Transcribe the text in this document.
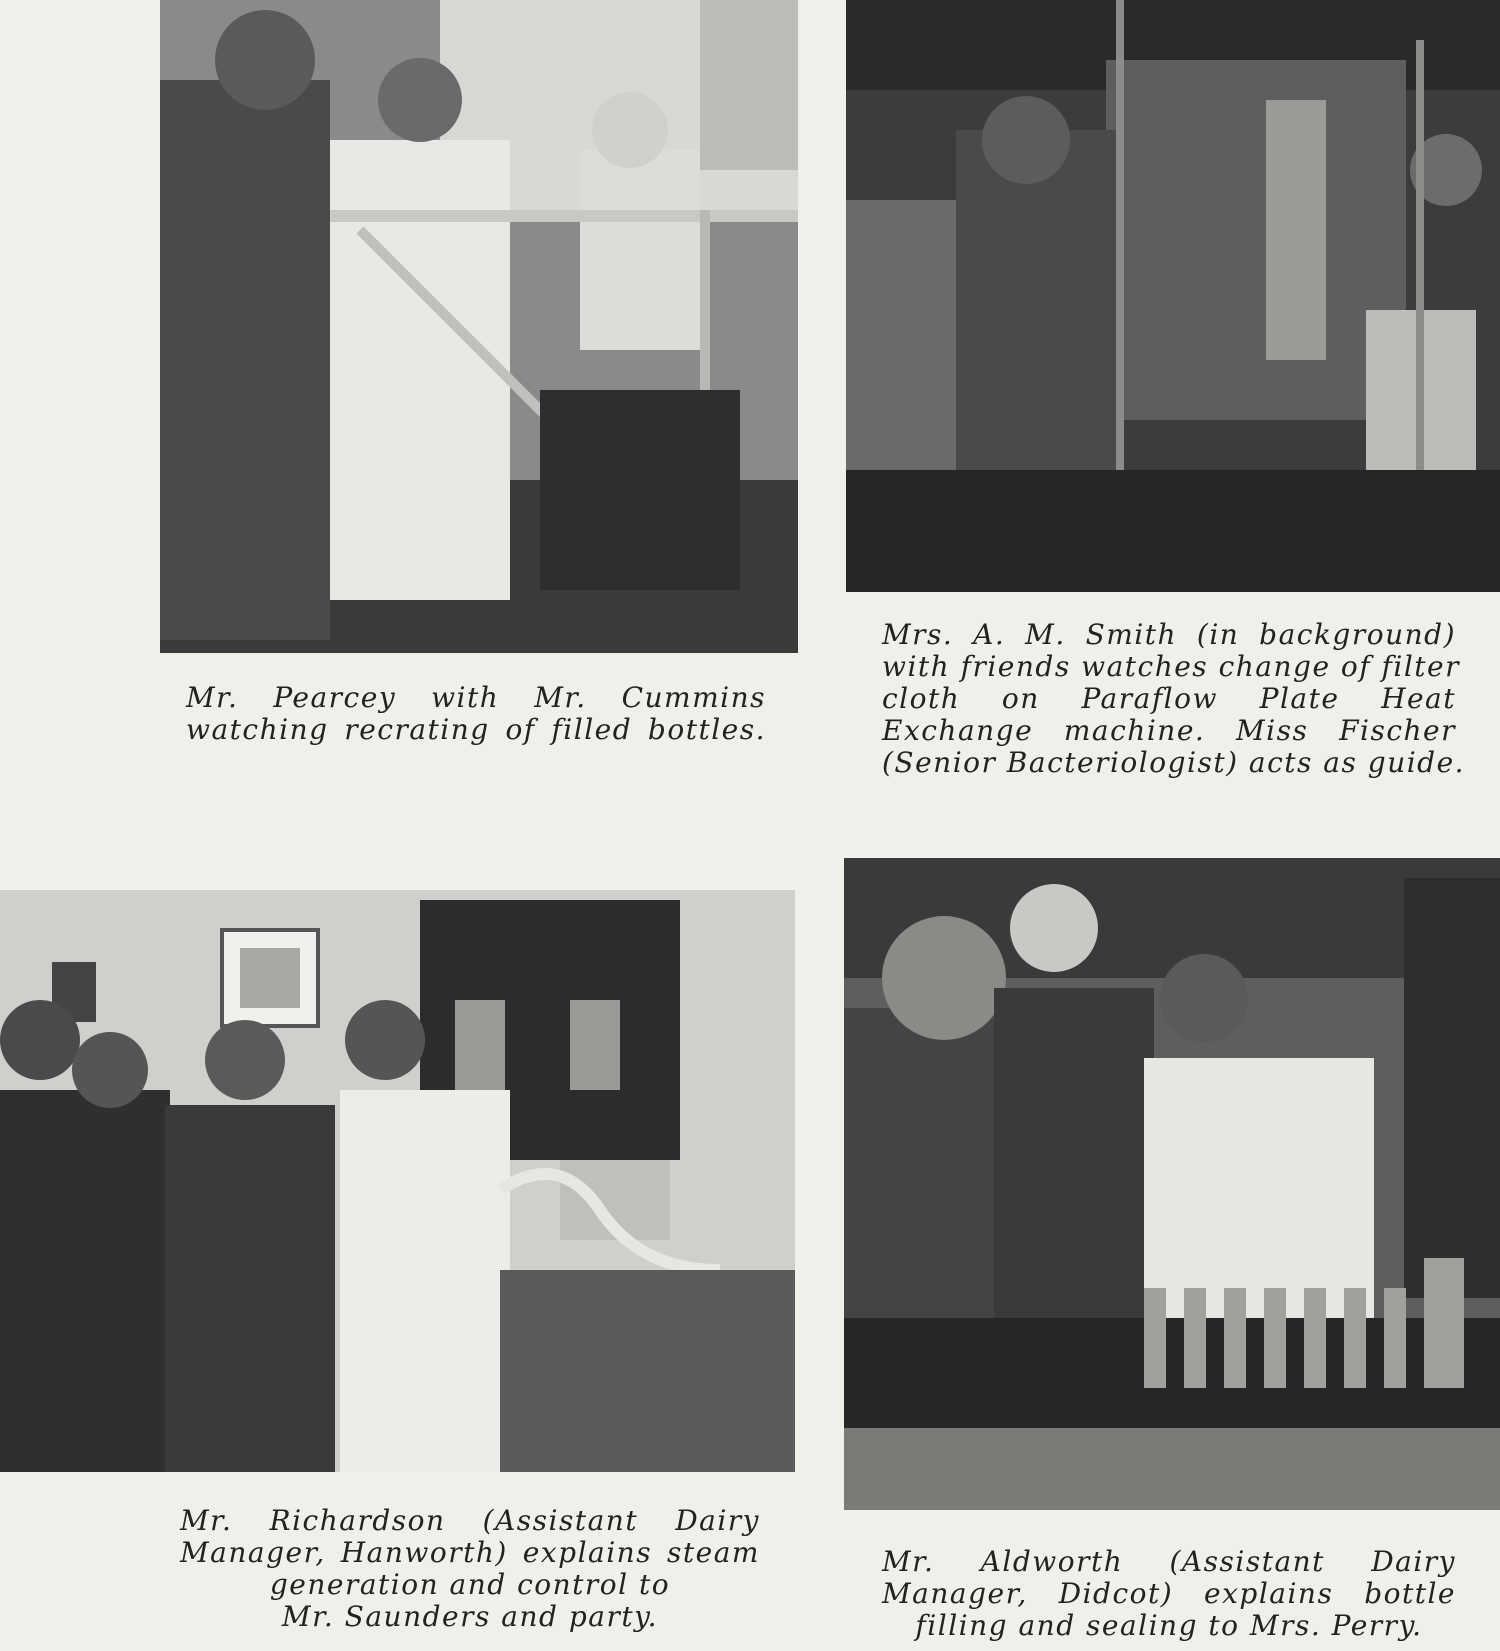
Mr. Pearcey with Mr. Cummins
watching recrating of filled bottles.
Mrs. A. M. Smith (in background)
with friends watches change of filter
cloth on Paraflow Plate Heat
Exchange machine. Miss Fischer
(Senior Bacteriologist) acts as guide.
Mr. Richardson (Assistant Dairy
Manager, Hanworth) explains steam
generation and control to
Mr. Saunders and party.
Mr. Aldworth (Assistant Dairy
Manager, Didcot) explains bottle
filling and sealing to Mrs. Perry.
